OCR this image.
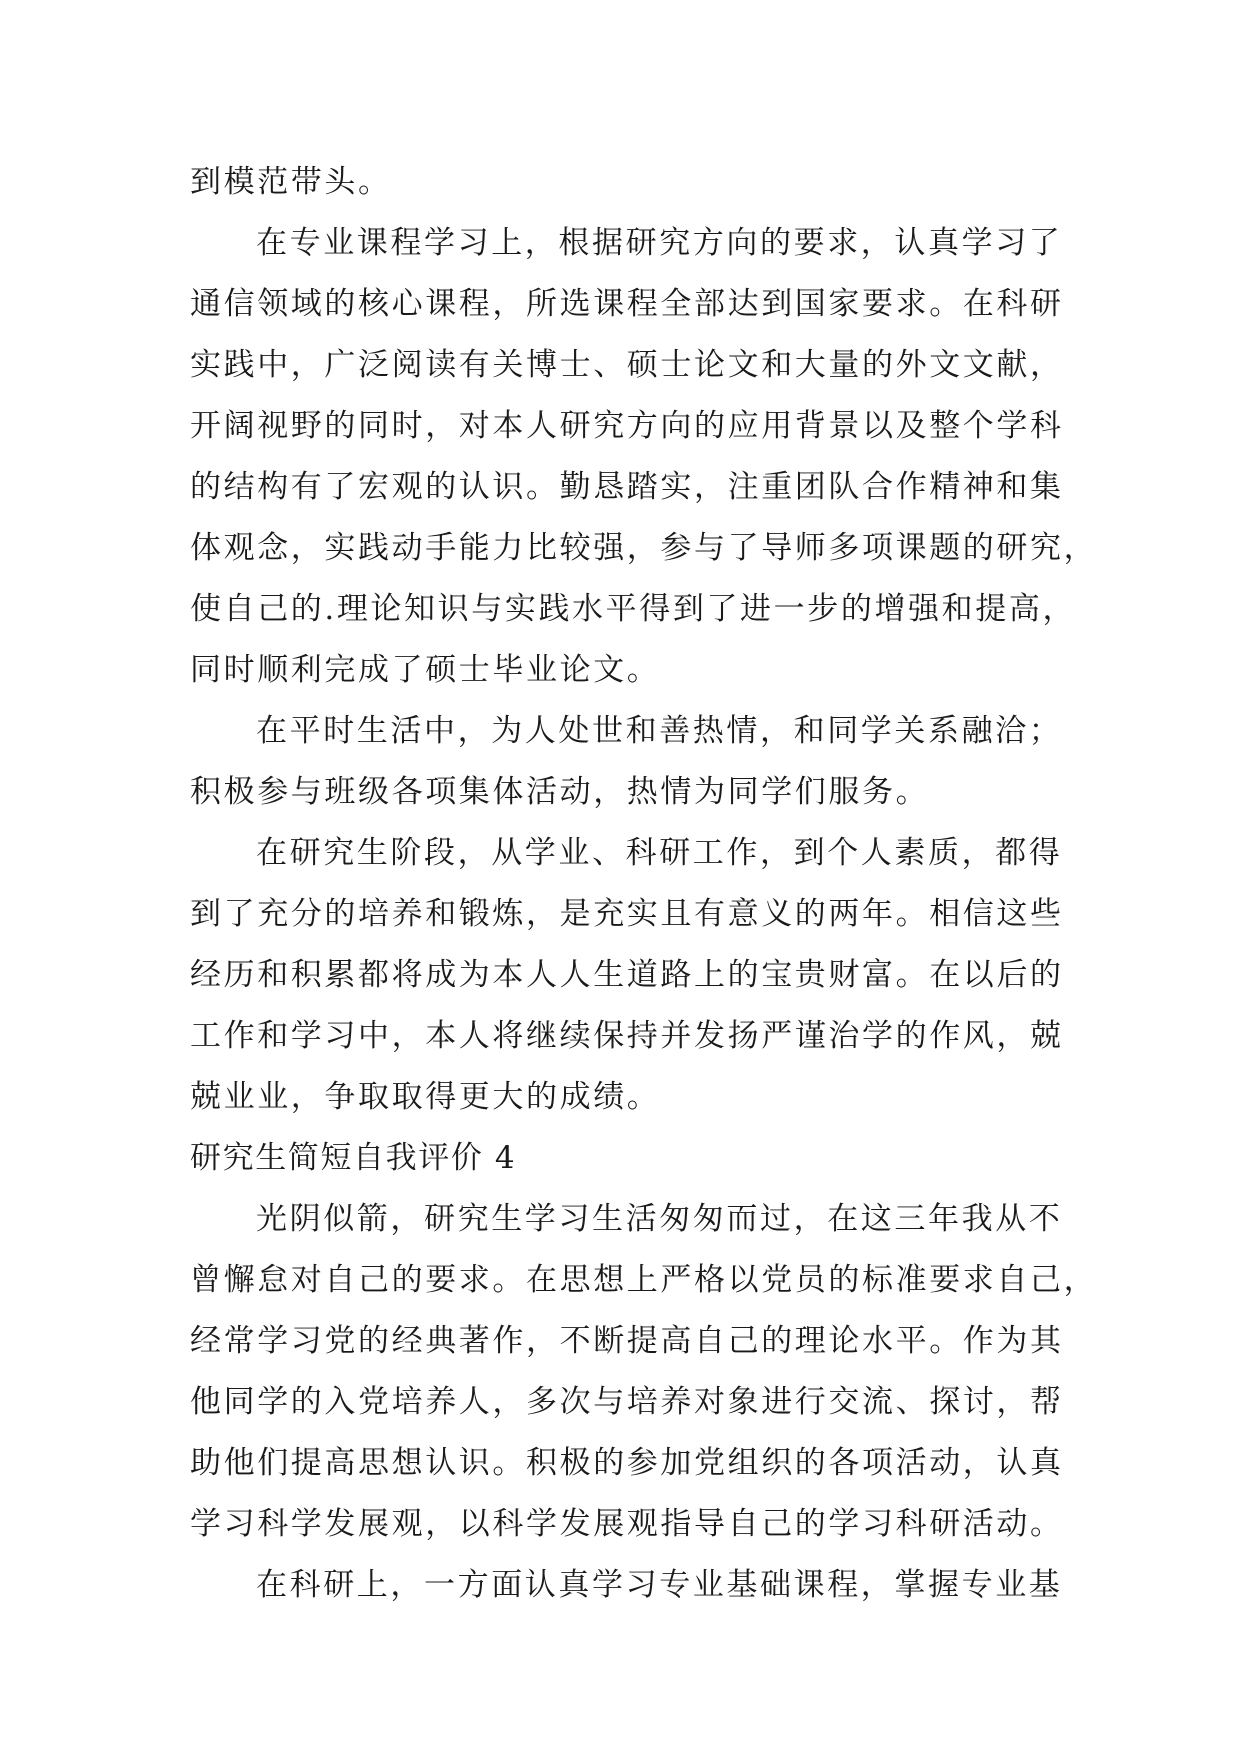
到模范带头。
在专业课程学习上，根据研究方向的要求，认真学习了
通信领域的核心课程，所选课程全部达到国家要求。在科研
实践中，广泛阅读有关博士、硕士论文和大量的外文文献，
开阔视野的同时，对本人研究方向的应用背景以及整个学科
的结构有了宏观的认识。勤恳踏实，注重团队合作精神和集
体观念，实践动手能力比较强，参与了导师多项课题的研究，
使自己的.理论知识与实践水平得到了进一步的增强和提高，
同时顺利完成了硕士毕业论文。
在平时生活中，为人处世和善热情，和同学关系融洽；
积极参与班级各项集体活动，热情为同学们服务。
在研究生阶段，从学业、科研工作，到个人素质，都得
到了充分的培养和锻炼，是充实且有意义的两年。相信这些
经历和积累都将成为本人人生道路上的宝贵财富。在以后的
工作和学习中，本人将继续保持并发扬严谨治学的作风，兢
兢业业，争取取得更大的成绩。
研究生简短自我评价 4
光阴似箭，研究生学习生活匆匆而过，在这三年我从不
曾懈怠对自己的要求。在思想上严格以党员的标准要求自己，
经常学习党的经典著作，不断提高自己的理论水平。作为其
他同学的入党培养人，多次与培养对象进行交流、探讨，帮
助他们提高思想认识。积极的参加党组织的各项活动，认真
学习科学发展观，以科学发展观指导自己的学习科研活动。
在科研上，一方面认真学习专业基础课程，掌握专业基
